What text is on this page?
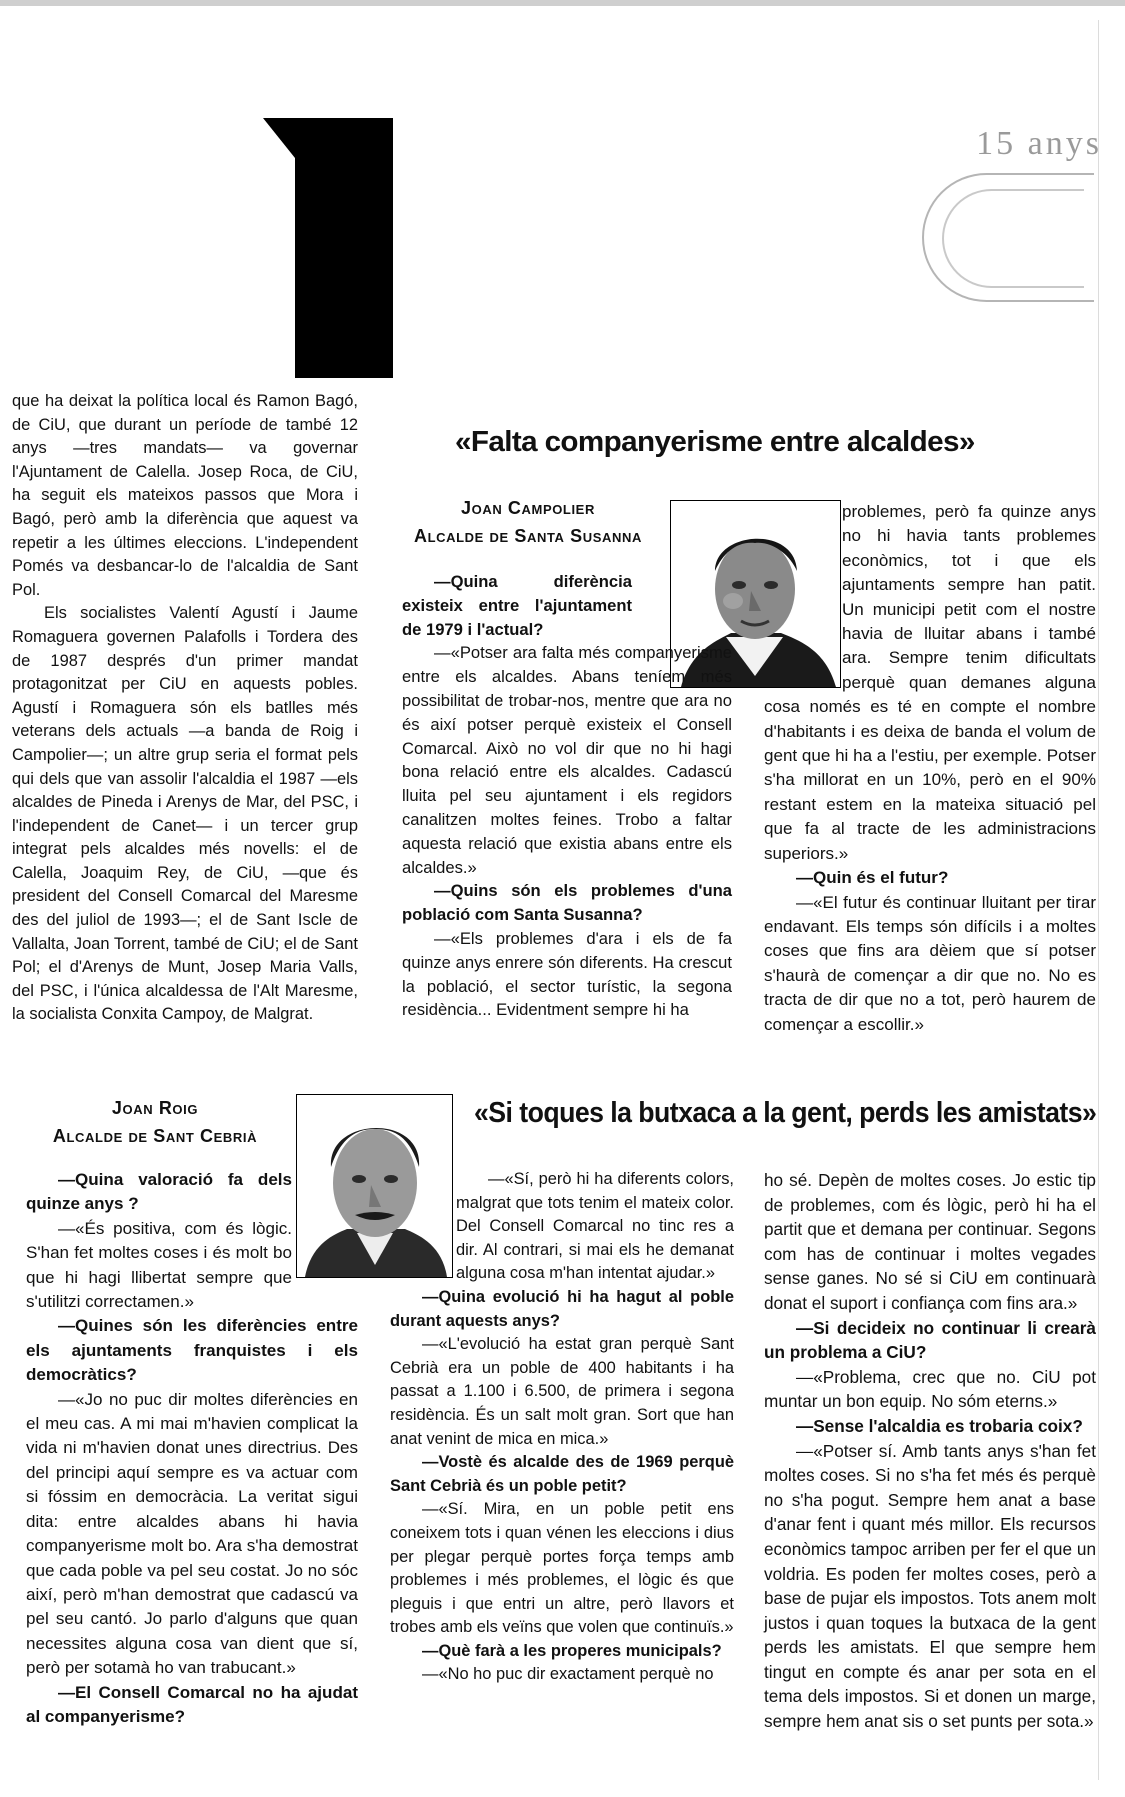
15 anys

que ha deixat la política local és Ramon Bagó, de CiU, que durant un període de també 12 anys —tres mandats— va governar l'Ajuntament de Calella. Josep Roca, de CiU, ha seguit els mateixos passos que Mora i Bagó, però amb la diferència que aquest va repetir a les últimes eleccions. L'independent Pomés va desbancar-lo de l'alcaldia de Sant Pol.

Els socialistes Valentí Agustí i Jaume Romaguera governen Palafolls i Tordera des de 1987 després d'un primer mandat protagonitzat per CiU en aquests pobles. Agustí i Romaguera són els batlles més veterans dels actuals —a banda de Roig i Campolier—; un altre grup seria el format pels qui dels que van assolir l'alcaldia el 1987 —els alcaldes de Pineda i Arenys de Mar, del PSC, i l'independent de Canet— i un tercer grup integrat pels alcaldes més novells: el de Calella, Joaquim Rey, de CiU, —que és president del Consell Comarcal del Maresme des del juliol de 1993—; el de Sant Iscle de Vallalta, Joan Torrent, també de CiU; el de Sant Pol; el d'Arenys de Munt, Josep Maria Valls, del PSC, i l'única alcaldessa de l'Alt Maresme, la socialista Conxita Campoy, de Malgrat.

«Falta companyerisme entre alcaldes»
Joan Campolier
Alcalde de Santa Susanna

—Quina diferència existeix entre l'ajuntament de 1979 i l'actual?

—«Potser ara falta més companyerisme entre els alcaldes. Abans teníem més possibilitat de trobar-nos, mentre que ara no és així potser perquè existeix el Consell Comarcal. Això no vol dir que no hi hagi bona relació entre els alcaldes. Cadascú lluita pel seu ajuntament i els regidors canalitzen moltes feines. Trobo a faltar aquesta relació que existia abans entre els alcaldes.»

—Quins són els problemes d'una població com Santa Susanna?

—«Els problemes d'ara i els de fa quinze anys enrere són diferents. Ha crescut la població, el sector turístic, la segona residència... Evidentment sempre hi ha

problemes, però fa quinze anys no hi havia tants problemes econòmics, tot i que els ajuntaments sempre han patit. Un municipi petit com el nostre havia de lluitar abans i també ara. Sempre tenim dificultats perquè quan demanes alguna cosa només es té en compte el nombre d'habitants i es deixa de banda el volum de gent que hi ha a l'estiu, per exemple. Potser s'ha millorat en un 10%, però en el 90% restant estem en la mateixa situació pel que fa al tracte de les administracions superiors.»

—Quin és el futur?

—«El futur és continuar lluitant per tirar endavant. Els temps són difícils i a moltes coses que fins ara dèiem que sí potser s'haurà de començar a dir que no. No es tracta de dir que no a tot, però haurem de començar a escollir.»

Joan Roig
Alcalde de Sant Cebrià
«Si toques la butxaca a la gent, perds les amistats»

—Quina valoració fa dels quinze anys ?

—«És positiva, com és lògic. S'han fet moltes coses i és molt bo que hi hagi llibertat sempre que s'utilitzi correctamen.»

—Quines són les diferències entre els ajuntaments franquistes i els democràtics?

—«Jo no puc dir moltes diferències en el meu cas. A mi mai m'havien complicat la vida ni m'havien donat unes directrius. Des del principi aquí sempre es va actuar com si fóssim en democràcia. La veritat sigui dita: entre alcaldes abans hi havia companyerisme molt bo. Ara s'ha demostrat que cada poble va pel seu costat. Jo no sóc així, però m'han demostrat que cadascú va pel seu cantó. Jo parlo d'alguns que quan necessites alguna cosa van dient que sí, però per sotamà ho van trabucant.»

—El Consell Comarcal no ha ajudat al companyerisme?

—«Sí, però hi ha diferents colors, malgrat que tots tenim el mateix color. Del Consell Comarcal no tinc res a dir. Al contrari, si mai els he demanat alguna cosa m'han intentat ajudar.»

—Quina evolució hi ha hagut al poble durant aquests anys?

—«L'evolució ha estat gran perquè Sant Cebrià era un poble de 400 habitants i ha passat a 1.100 i 6.500, de primera i segona residència. És un salt molt gran. Sort que han anat venint de mica en mica.»

—Vostè és alcalde des de 1969 perquè Sant Cebrià és un poble petit?

—«Sí. Mira, en un poble petit ens coneixem tots i quan vénen les eleccions i dius per plegar perquè portes força temps amb problemes i més problemes, el lògic és que pleguis i que entri un altre, però llavors et trobes amb els veïns que volen que continuïs.»

—Què farà a les properes municipals?

—«No ho puc dir exactament perquè no

ho sé. Depèn de moltes coses. Jo estic tip de problemes, com és lògic, però hi ha el partit que et demana per continuar. Segons com has de continuar i moltes vegades sense ganes. No sé si CiU em continuarà donat el suport i confiança com fins ara.»

—Si decideix no continuar li crearà un problema a CiU?

—«Problema, crec que no. CiU pot muntar un bon equip. No sóm eterns.»

—Sense l'alcaldia es trobaria coix?

—«Potser sí. Amb tants anys s'han fet moltes coses. Si no s'ha fet més és perquè no s'ha pogut. Sempre hem anat a base d'anar fent i quant més millor. Els recursos econòmics tampoc arriben per fer el que un voldria. Es poden fer moltes coses, però a base de pujar els impostos. Tots anem molt justos i quan toques la butxaca de la gent perds les amistats. El que sempre hem tingut en compte és anar per sota en el tema dels impostos. Si et donen un marge, sempre hem anat sis o set punts per sota.»
